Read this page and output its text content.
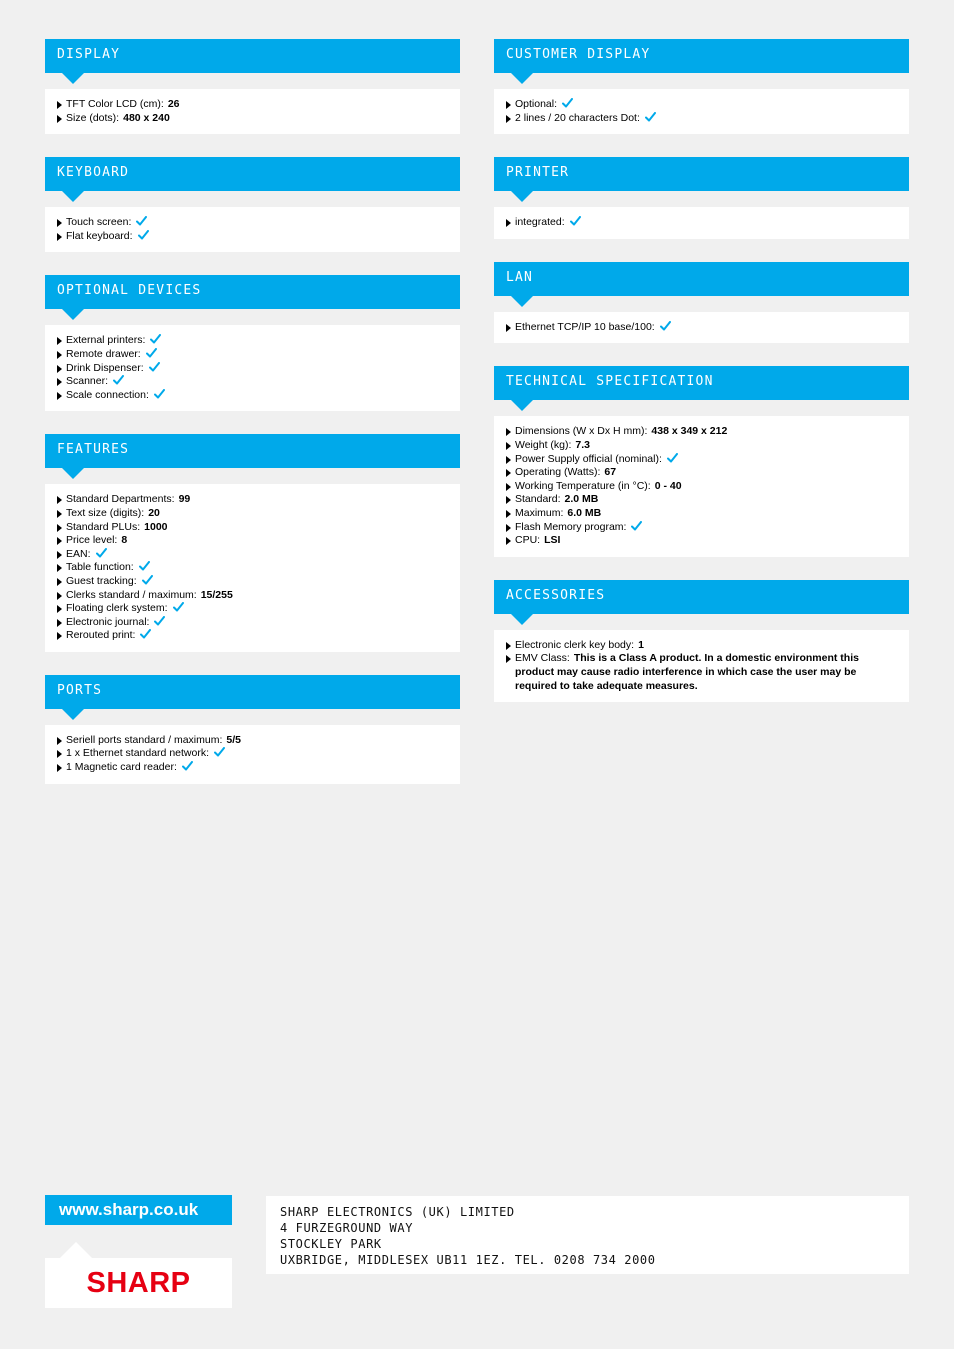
DISPLAY
TFT Color LCD (cm): 26
Size (dots): 480 x 240
KEYBOARD
Touch screen:
Flat keyboard:
OPTIONAL DEVICES
External printers:
Remote drawer:
Drink Dispenser:
Scanner:
Scale connection:
FEATURES
Standard Departments: 99
Text size (digits): 20
Standard PLUs: 1000
Price level: 8
EAN:
Table function:
Guest tracking:
Clerks standard / maximum: 15/255
Floating clerk system:
Electronic journal:
Rerouted print:
PORTS
Seriell ports standard / maximum: 5/5
1 x Ethernet standard network:
1 Magnetic card reader:
CUSTOMER DISPLAY
Optional:
2 lines / 20 characters Dot:
PRINTER
integrated:
LAN
Ethernet TCP/IP 10 base/100:
TECHNICAL SPECIFICATION
Dimensions (W x Dx H mm): 438 x 349 x 212
Weight (kg): 7.3
Power Supply official (nominal):
Operating (Watts): 67
Working Temperature (in °C): 0 - 40
Standard: 2.0 MB
Maximum: 6.0 MB
Flash Memory program:
CPU: LSI
ACCESSORIES
Electronic clerk key body: 1
EMV Class: This is a Class A product. In a domestic environment this product may cause radio interference in which case the user may be required to take adequate measures.
www.sharp.co.uk
SHARP
SHARP ELECTRONICS (UK) LIMITED
4 FURZEGROUND WAY
STOCKLEY PARK
UXBRIDGE, MIDDLESEX UB11 1EZ. TEL. 0208 734 2000
